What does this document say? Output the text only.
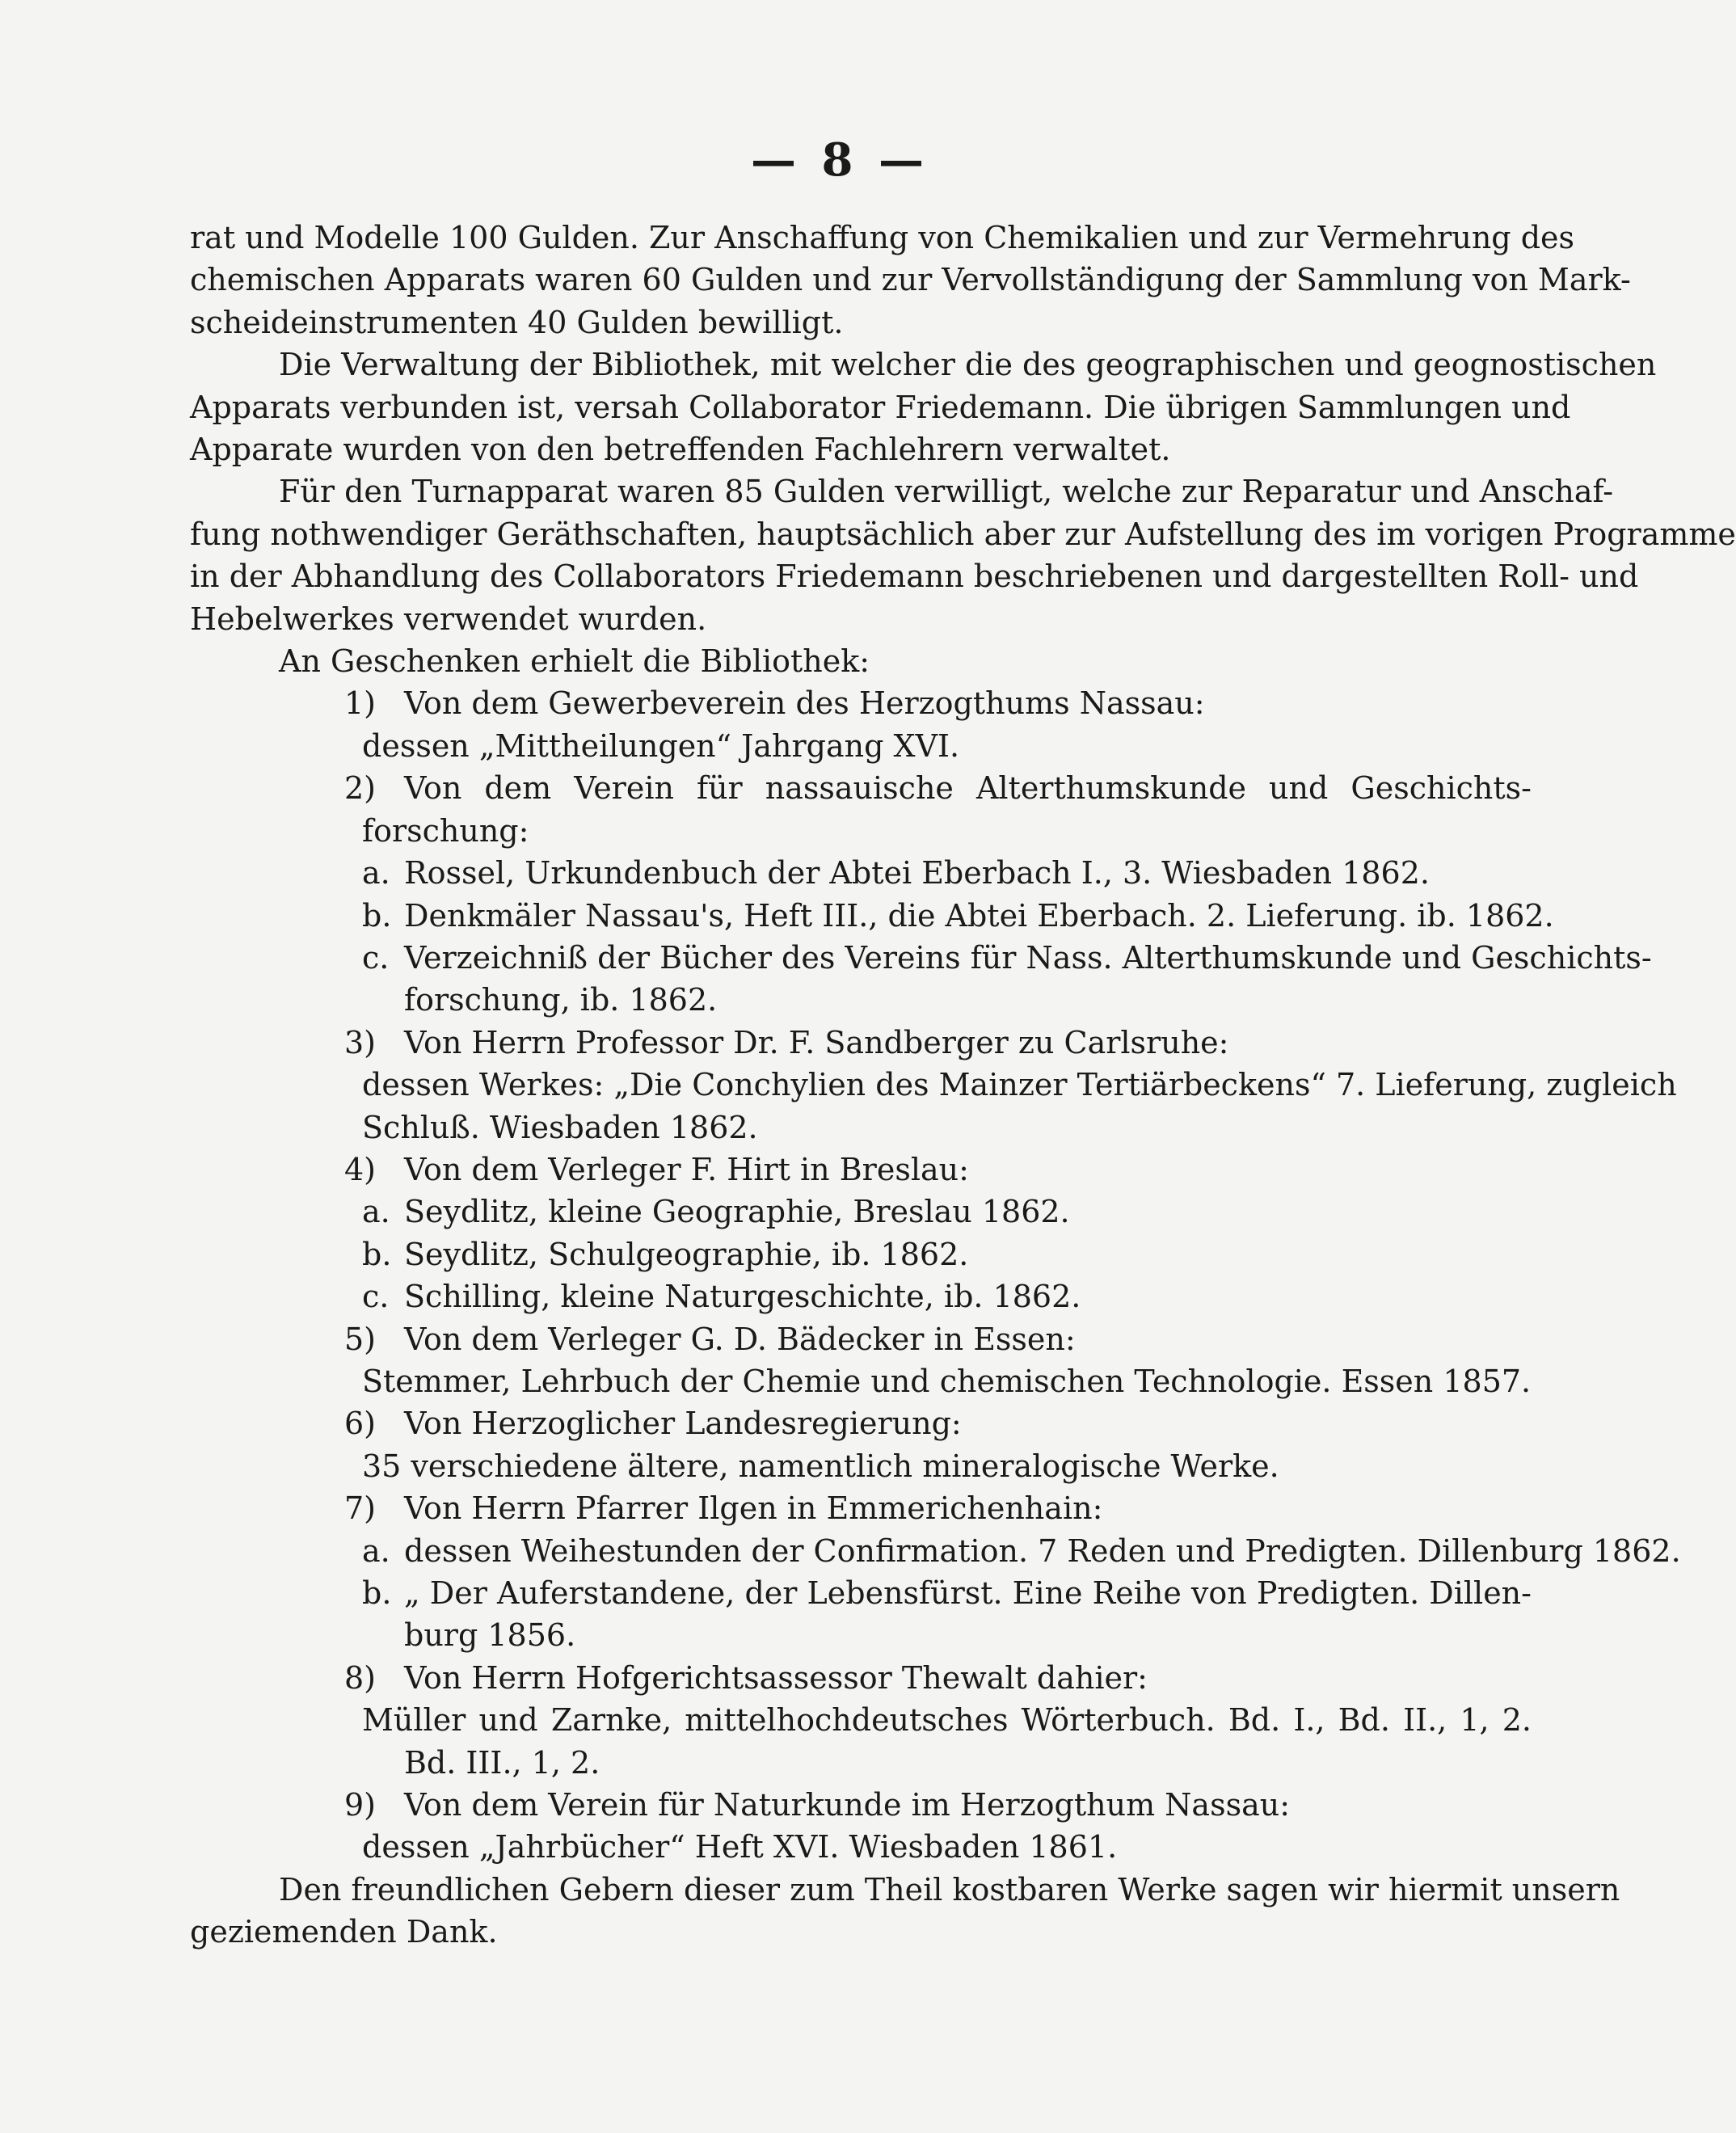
— 8 —
rat und Modelle 100 Gulden. Zur Anschaffung von Chemikalien und zur Vermehrung des
chemischen Apparats waren 60 Gulden und zur Vervollständigung der Sammlung von Mark-
scheideinstrumenten 40 Gulden bewilligt.
Die Verwaltung der Bibliothek, mit welcher die des geographischen und geognostischen
Apparats verbunden ist, versah Collaborator Friedemann. Die übrigen Sammlungen und
Apparate wurden von den betreffenden Fachlehrern verwaltet.
Für den Turnapparat waren 85 Gulden verwilligt, welche zur Reparatur und Anschaf-
fung nothwendiger Geräthschaften, hauptsächlich aber zur Aufstellung des im vorigen Programme
in der Abhandlung des Collaborators Friedemann beschriebenen und dargestellten Roll- und
Hebelwerkes verwendet wurden.
An Geschenken erhielt die Bibliothek:
1) Von dem Gewerbeverein des Herzogthums Nassau:
dessen „Mittheilungen“ Jahrgang XVI.
2) Von dem Verein für nassauische Alterthumskunde und Geschichts-
forschung:
a. Rossel, Urkundenbuch der Abtei Eberbach I., 3. Wiesbaden 1862.
b. Denkmäler Nassau's, Heft III., die Abtei Eberbach. 2. Lieferung. ib. 1862.
c. Verzeichniß der Bücher des Vereins für Nass. Alterthumskunde und Geschichts-
forschung, ib. 1862.
3) Von Herrn Professor Dr. F. Sandberger zu Carlsruhe:
dessen Werkes: „Die Conchylien des Mainzer Tertiärbeckens“ 7. Lieferung, zugleich
Schluß. Wiesbaden 1862.
4) Von dem Verleger F. Hirt in Breslau:
a. Seydlitz, kleine Geographie, Breslau 1862.
b. Seydlitz, Schulgeographie, ib. 1862.
c. Schilling, kleine Naturgeschichte, ib. 1862.
5) Von dem Verleger G. D. Bädecker in Essen:
Stemmer, Lehrbuch der Chemie und chemischen Technologie. Essen 1857.
6) Von Herzoglicher Landesregierung:
35 verschiedene ältere, namentlich mineralogische Werke.
7) Von Herrn Pfarrer Ilgen in Emmerichenhain:
a. dessen Weihestunden der Confirmation. 7 Reden und Predigten. Dillenburg 1862.
b. „ Der Auferstandene, der Lebensfürst. Eine Reihe von Predigten. Dillen-
burg 1856.
8) Von Herrn Hofgerichtsassessor Thewalt dahier:
Müller und Zarnke, mittelhochdeutsches Wörterbuch. Bd. I., Bd. II., 1, 2.
Bd. III., 1, 2.
9) Von dem Verein für Naturkunde im Herzogthum Nassau:
dessen „Jahrbücher“ Heft XVI. Wiesbaden 1861.
Den freundlichen Gebern dieser zum Theil kostbaren Werke sagen wir hiermit unsern
geziemenden Dank.
